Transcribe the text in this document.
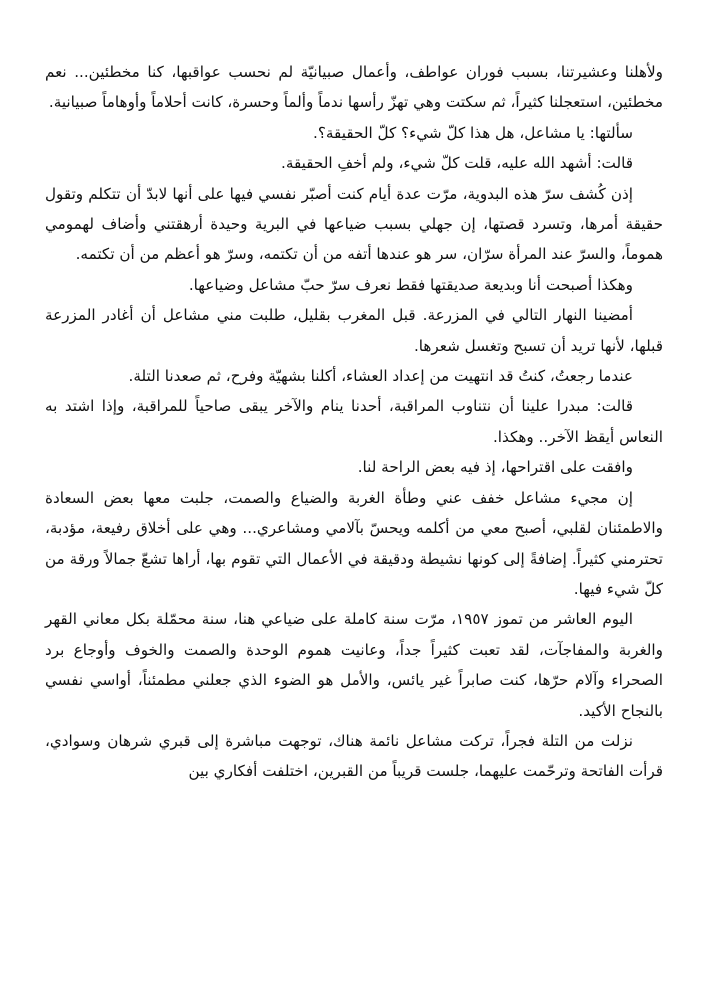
ولأهلنا وعشيرتنا، بسبب فوران عواطف، وأعمال صبيانيّة لم نحسب عواقبها، كنا مخطئين... نعم مخطئين، استعجلنا كثيراً، ثم سكتت وهي تهزّ رأسها ندماً وألماً وحسرة، كانت أحلاماً وأوهاماً صبيانية.

سألتها: يا مشاعل، هل هذا كلّ شيء؟ كلّ الحقيقة؟.

قالت: أشهد الله عليه، قلت كلّ شيء، ولم أخفِ الحقيقة.

إذن كُشف سرّ هذه البدوية، مرّت عدة أيام كنت أصبّر نفسي فيها على أنها لابدّ أن تتكلم وتقول حقيقة أمرها، وتسرد قصتها، إن جهلي بسبب ضياعها في البرية وحيدة أرهقتني وأضاف لهمومي هموماً، والسرّ عند المرأة سرّان، سر هو عندها أتفه من أن تكتمه، وسرّ هو أعظم من أن تكتمه.

وهكذا أصبحت أنا وبديعة صديقتها فقط نعرف سرّ حبّ مشاعل وضياعها.

أمضينا النهار التالي في المزرعة. قبل المغرب بقليل، طلبت مني مشاعل أن أغادر المزرعة قبلها، لأنها تريد أن تسبح وتغسل شعرها.

عندما رجعتُ، كنتُ قد انتهيت من إعداد العشاء، أكلنا بشهيّة وفرح، ثم صعدنا التلة.

قالت: مبدرا علينا أن نتناوب المراقبة، أحدنا ينام والآخر يبقى صاحياً للمراقبة، وإذا اشتد به النعاس أيقظ الآخر.. وهكذا.

وافقت على اقتراحها، إذ فيه بعض الراحة لنا.

إن مجيء مشاعل خفف عني وطأة الغربة والضياع والصمت، جلبت معها بعض السعادة والاطمئنان لقلبي، أصبح معي من أكلمه ويحسّ بآلامي ومشاعري... وهي على أخلاق رفيعة، مؤدبة، تحترمني كثيراً. إضافةً إلى كونها نشيطة ودقيقة في الأعمال التي تقوم بها، أراها تشعّ جمالاً ورقة من كلّ شيء فيها.

اليوم العاشر من تموز ١٩٥٧، مرّت سنة كاملة على ضياعي هنا، سنة محمّلة بكل معاني القهر والغربة والمفاجآت، لقد تعبت كثيراً جداً، وعانيت هموم الوحدة والصمت والخوف وأوجاع برد الصحراء وآلام حرّها، كنت صابراً غير يائس، والأمل هو الضوء الذي جعلني مطمئناً، أواسي نفسي بالنجاح الأكيد.

نزلت من التلة فجراً، تركت مشاعل نائمة هناك، توجهت مباشرة إلى قبري شرهان وسوادي، قرأت الفاتحة وترحّمت عليهما، جلست قريباً من القبرين، اختلفت أفكاري بين
